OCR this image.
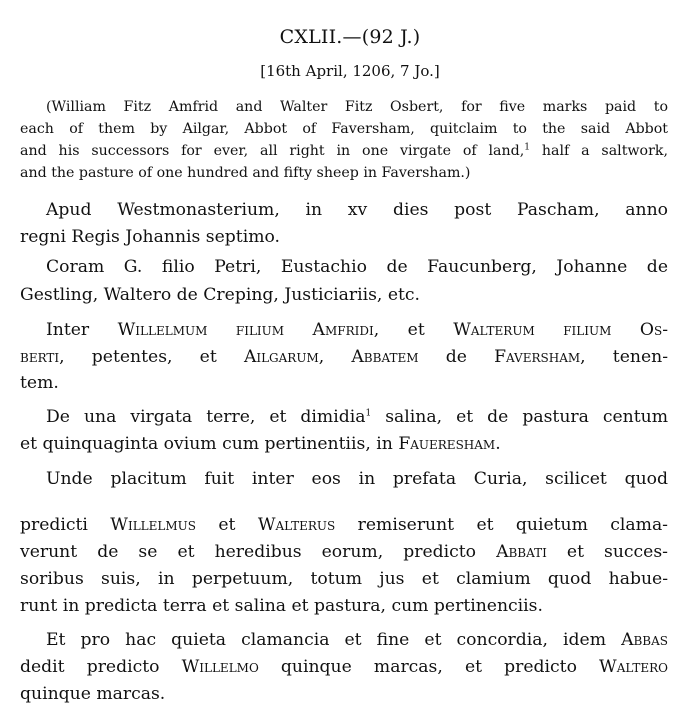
CXLII.—(92 J.)
[16th April, 1206, 7 Jo.]
(William Fitz Amfrid and Walter Fitz Osbert, for five marks paid to
each of them by Ailgar, Abbot of Faversham, quitclaim to the said Abbot
and his successors for ever, all right in one virgate of land,$^1$ half a saltwork,
and the pasture of one hundred and fifty sheep in Faversham.)
Apud Westmonasterium, in xv dies post Pascham, anno
regni Regis Johannis septimo.
Coram G. filio Petri, Eustachio de Faucunberg, Johanne de
Gestling, Waltero de Creping, Justiciariis, etc.
Inter Willelmum filium Amfridi, et Walterum filium Os-
berti, petentes, et Ailgarum, Abbatem de Faversham, tenen-
tem.
De una virgata terre, et dimidia$^1$ salina, et de pastura centum
et quinquaginta ovium cum pertinentiis, in Faueresham.
Unde placitum fuit inter eos in prefata Curia, scilicet quod
predicti Willelmus et Walterus remiserunt et quietum clama-
verunt de se et heredibus eorum, predicto Abbati et succes-
soribus suis, in perpetuum, totum jus et clamium quod habue-
runt in predicta terra et salina et pastura, cum pertinenciis.
Et pro hac quieta clamancia et fine et concordia, idem Abbas
dedit predicto Willelmo quinque marcas, et predicto Waltero
quinque marcas.
